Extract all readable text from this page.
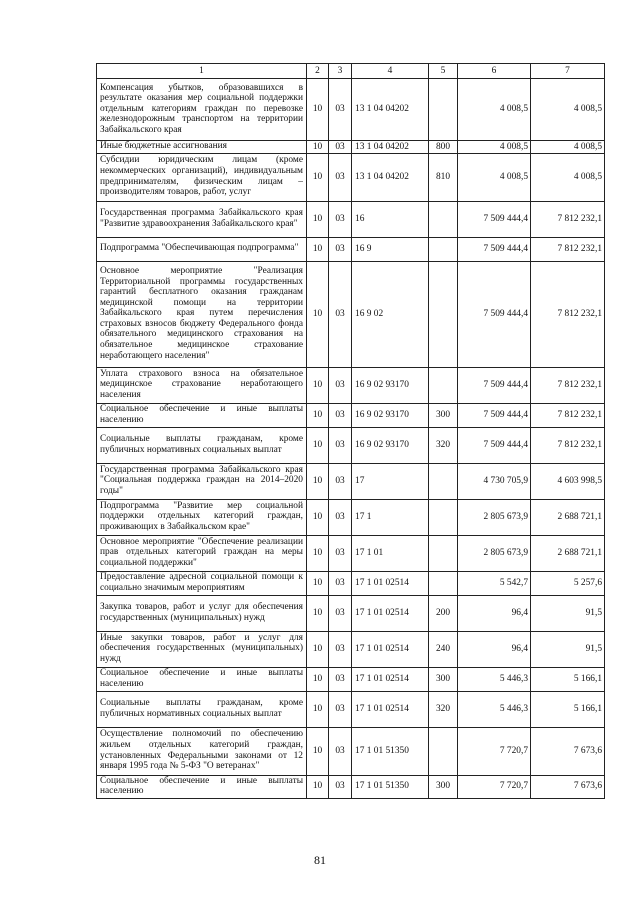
1	2	3	4	5	6	7
Компенсация убытков, образовавшихся в результате оказания мер социальной поддержки отдельным категориям граждан по перевозке железнодорожным транспортом на территории Забайкальского края	10	03	13 1 04 04202		4 008,5	4 008,5
Иные бюджетные ассигнования	10	03	13 1 04 04202	800	4 008,5	4 008,5
Субсидии юридическим лицам (кроме некоммерческих организаций), индивидуальным предпринимателям, физическим лицам – производителям товаров, работ, услуг	10	03	13 1 04 04202	810	4 008,5	4 008,5
Государственная программа Забайкальского края "Развитие здравоохранения Забайкальского края"	10	03	16		7 509 444,4	7 812 232,1
Подпрограмма "Обеспечивающая подпрограмма"	10	03	16 9		7 509 444,4	7 812 232,1
Основное мероприятие "Реализация Территориальной программы государственных гарантий бесплатного оказания гражданам медицинской помощи на территории Забайкальского края путем перечисления страховых взносов бюджету Федерального фонда обязательного медицинского страхования на обязательное медицинское страхование неработающего населения"	10	03	16 9 02		7 509 444,4	7 812 232,1
Уплата страхового взноса на обязательное медицинское страхование неработающего населения	10	03	16 9 02 93170		7 509 444,4	7 812 232,1
Социальное обеспечение и иные выплаты населению	10	03	16 9 02 93170	300	7 509 444,4	7 812 232,1
Социальные выплаты гражданам, кроме публичных нормативных социальных выплат	10	03	16 9 02 93170	320	7 509 444,4	7 812 232,1
Государственная программа Забайкальского края "Социальная поддержка граждан на 2014–2020 годы"	10	03	17		4 730 705,9	4 603 998,5
Подпрограмма "Развитие мер социальной поддержки отдельных категорий граждан, проживающих в Забайкальском крае"	10	03	17 1		2 805 673,9	2 688 721,1
Основное мероприятие "Обеспечение реализации прав отдельных категорий граждан на меры социальной поддержки"	10	03	17 1 01		2 805 673,9	2 688 721,1
Предоставление адресной социальной помощи к социально значимым мероприятиям	10	03	17 1 01 02514		5 542,7	5 257,6
Закупка товаров, работ и услуг для обеспечения государственных (муниципальных) нужд	10	03	17 1 01 02514	200	96,4	91,5
Иные закупки товаров, работ и услуг для обеспечения государственных (муниципальных) нужд	10	03	17 1 01 02514	240	96,4	91,5
Социальное обеспечение и иные выплаты населению	10	03	17 1 01 02514	300	5 446,3	5 166,1
Социальные выплаты гражданам, кроме публичных нормативных социальных выплат	10	03	17 1 01 02514	320	5 446,3	5 166,1
Осуществление полномочий по обеспечению жильем отдельных категорий граждан, установленных Федеральными законами от 12 января 1995 года № 5-ФЗ "О ветеранах"	10	03	17 1 01 51350		7 720,7	7 673,6
Социальное обеспечение и иные выплаты населению	10	03	17 1 01 51350	300	7 720,7	7 673,6
81
